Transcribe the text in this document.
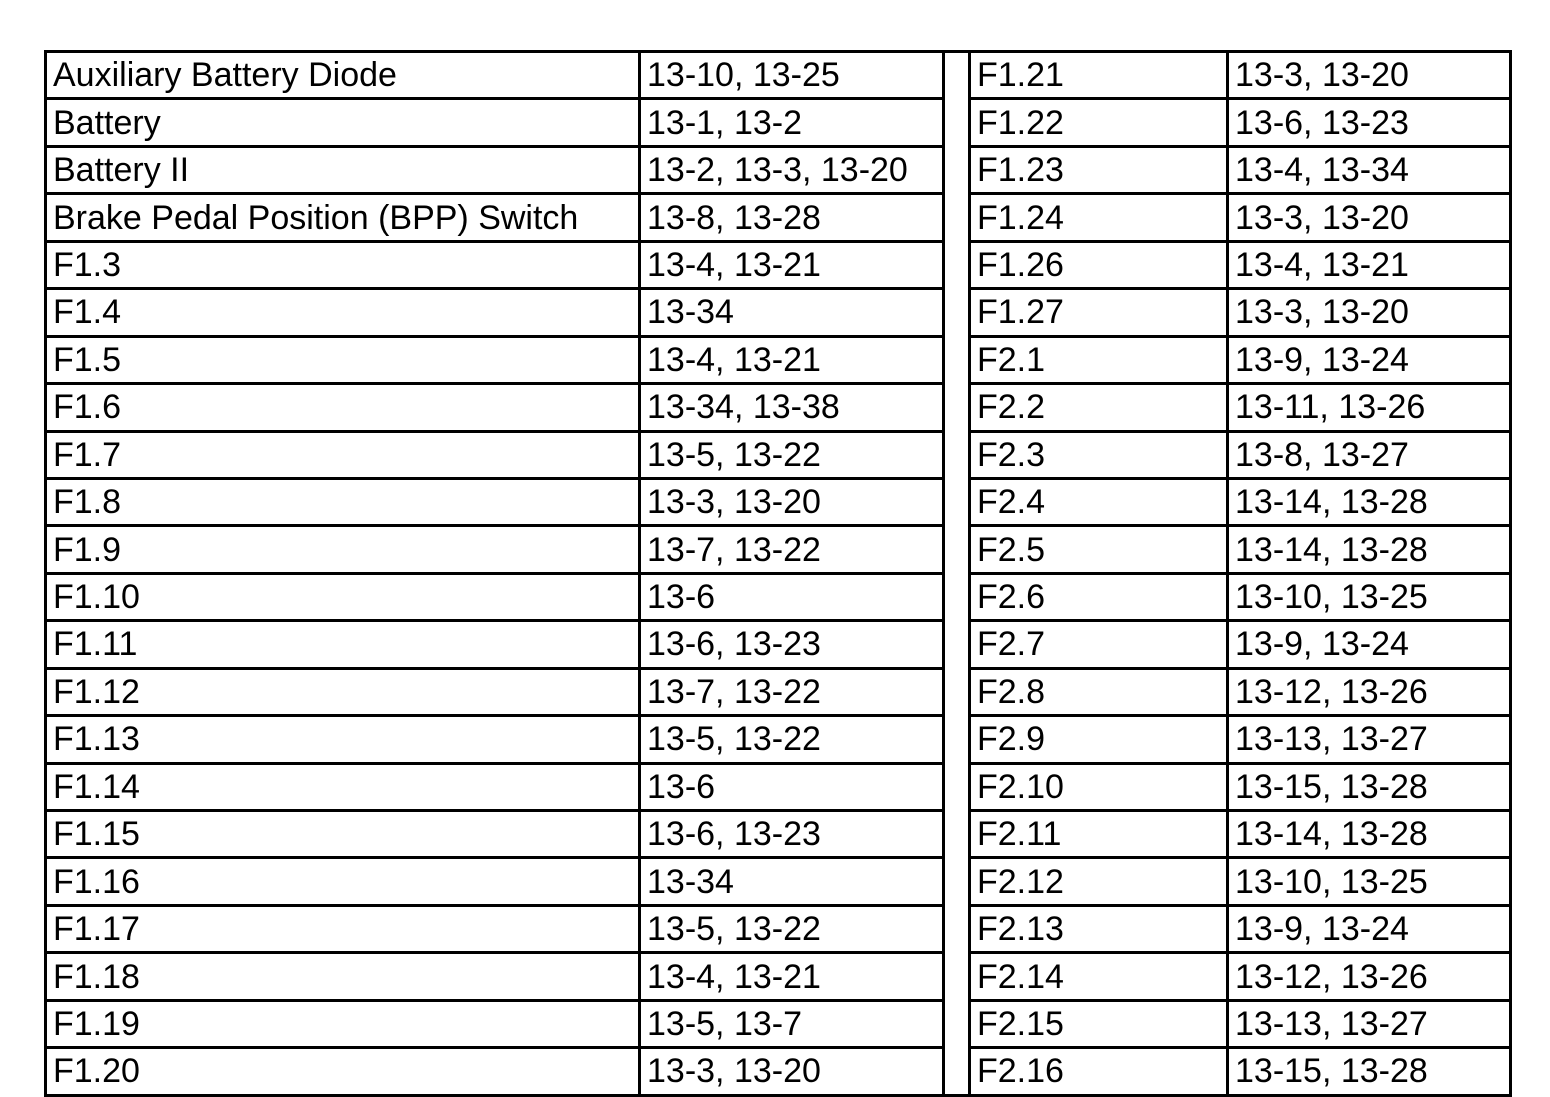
Auxiliary Battery Diode	13-10, 13-25		F1.21	13-3, 13-20
Battery	13-1, 13-2		F1.22	13-6, 13-23
Battery II	13-2, 13-3, 13-20		F1.23	13-4, 13-34
Brake Pedal Position (BPP) Switch	13-8, 13-28		F1.24	13-3, 13-20
F1.3	13-4, 13-21		F1.26	13-4, 13-21
F1.4	13-34		F1.27	13-3, 13-20
F1.5	13-4, 13-21		F2.1	13-9, 13-24
F1.6	13-34, 13-38		F2.2	13-11, 13-26
F1.7	13-5, 13-22		F2.3	13-8, 13-27
F1.8	13-3, 13-20		F2.4	13-14, 13-28
F1.9	13-7, 13-22		F2.5	13-14, 13-28
F1.10	13-6		F2.6	13-10, 13-25
F1.11	13-6, 13-23		F2.7	13-9, 13-24
F1.12	13-7, 13-22		F2.8	13-12, 13-26
F1.13	13-5, 13-22		F2.9	13-13, 13-27
F1.14	13-6		F2.10	13-15, 13-28
F1.15	13-6, 13-23		F2.11	13-14, 13-28
F1.16	13-34		F2.12	13-10, 13-25
F1.17	13-5, 13-22		F2.13	13-9, 13-24
F1.18	13-4, 13-21		F2.14	13-12, 13-26
F1.19	13-5, 13-7		F2.15	13-13, 13-27
F1.20	13-3, 13-20		F2.16	13-15, 13-28
